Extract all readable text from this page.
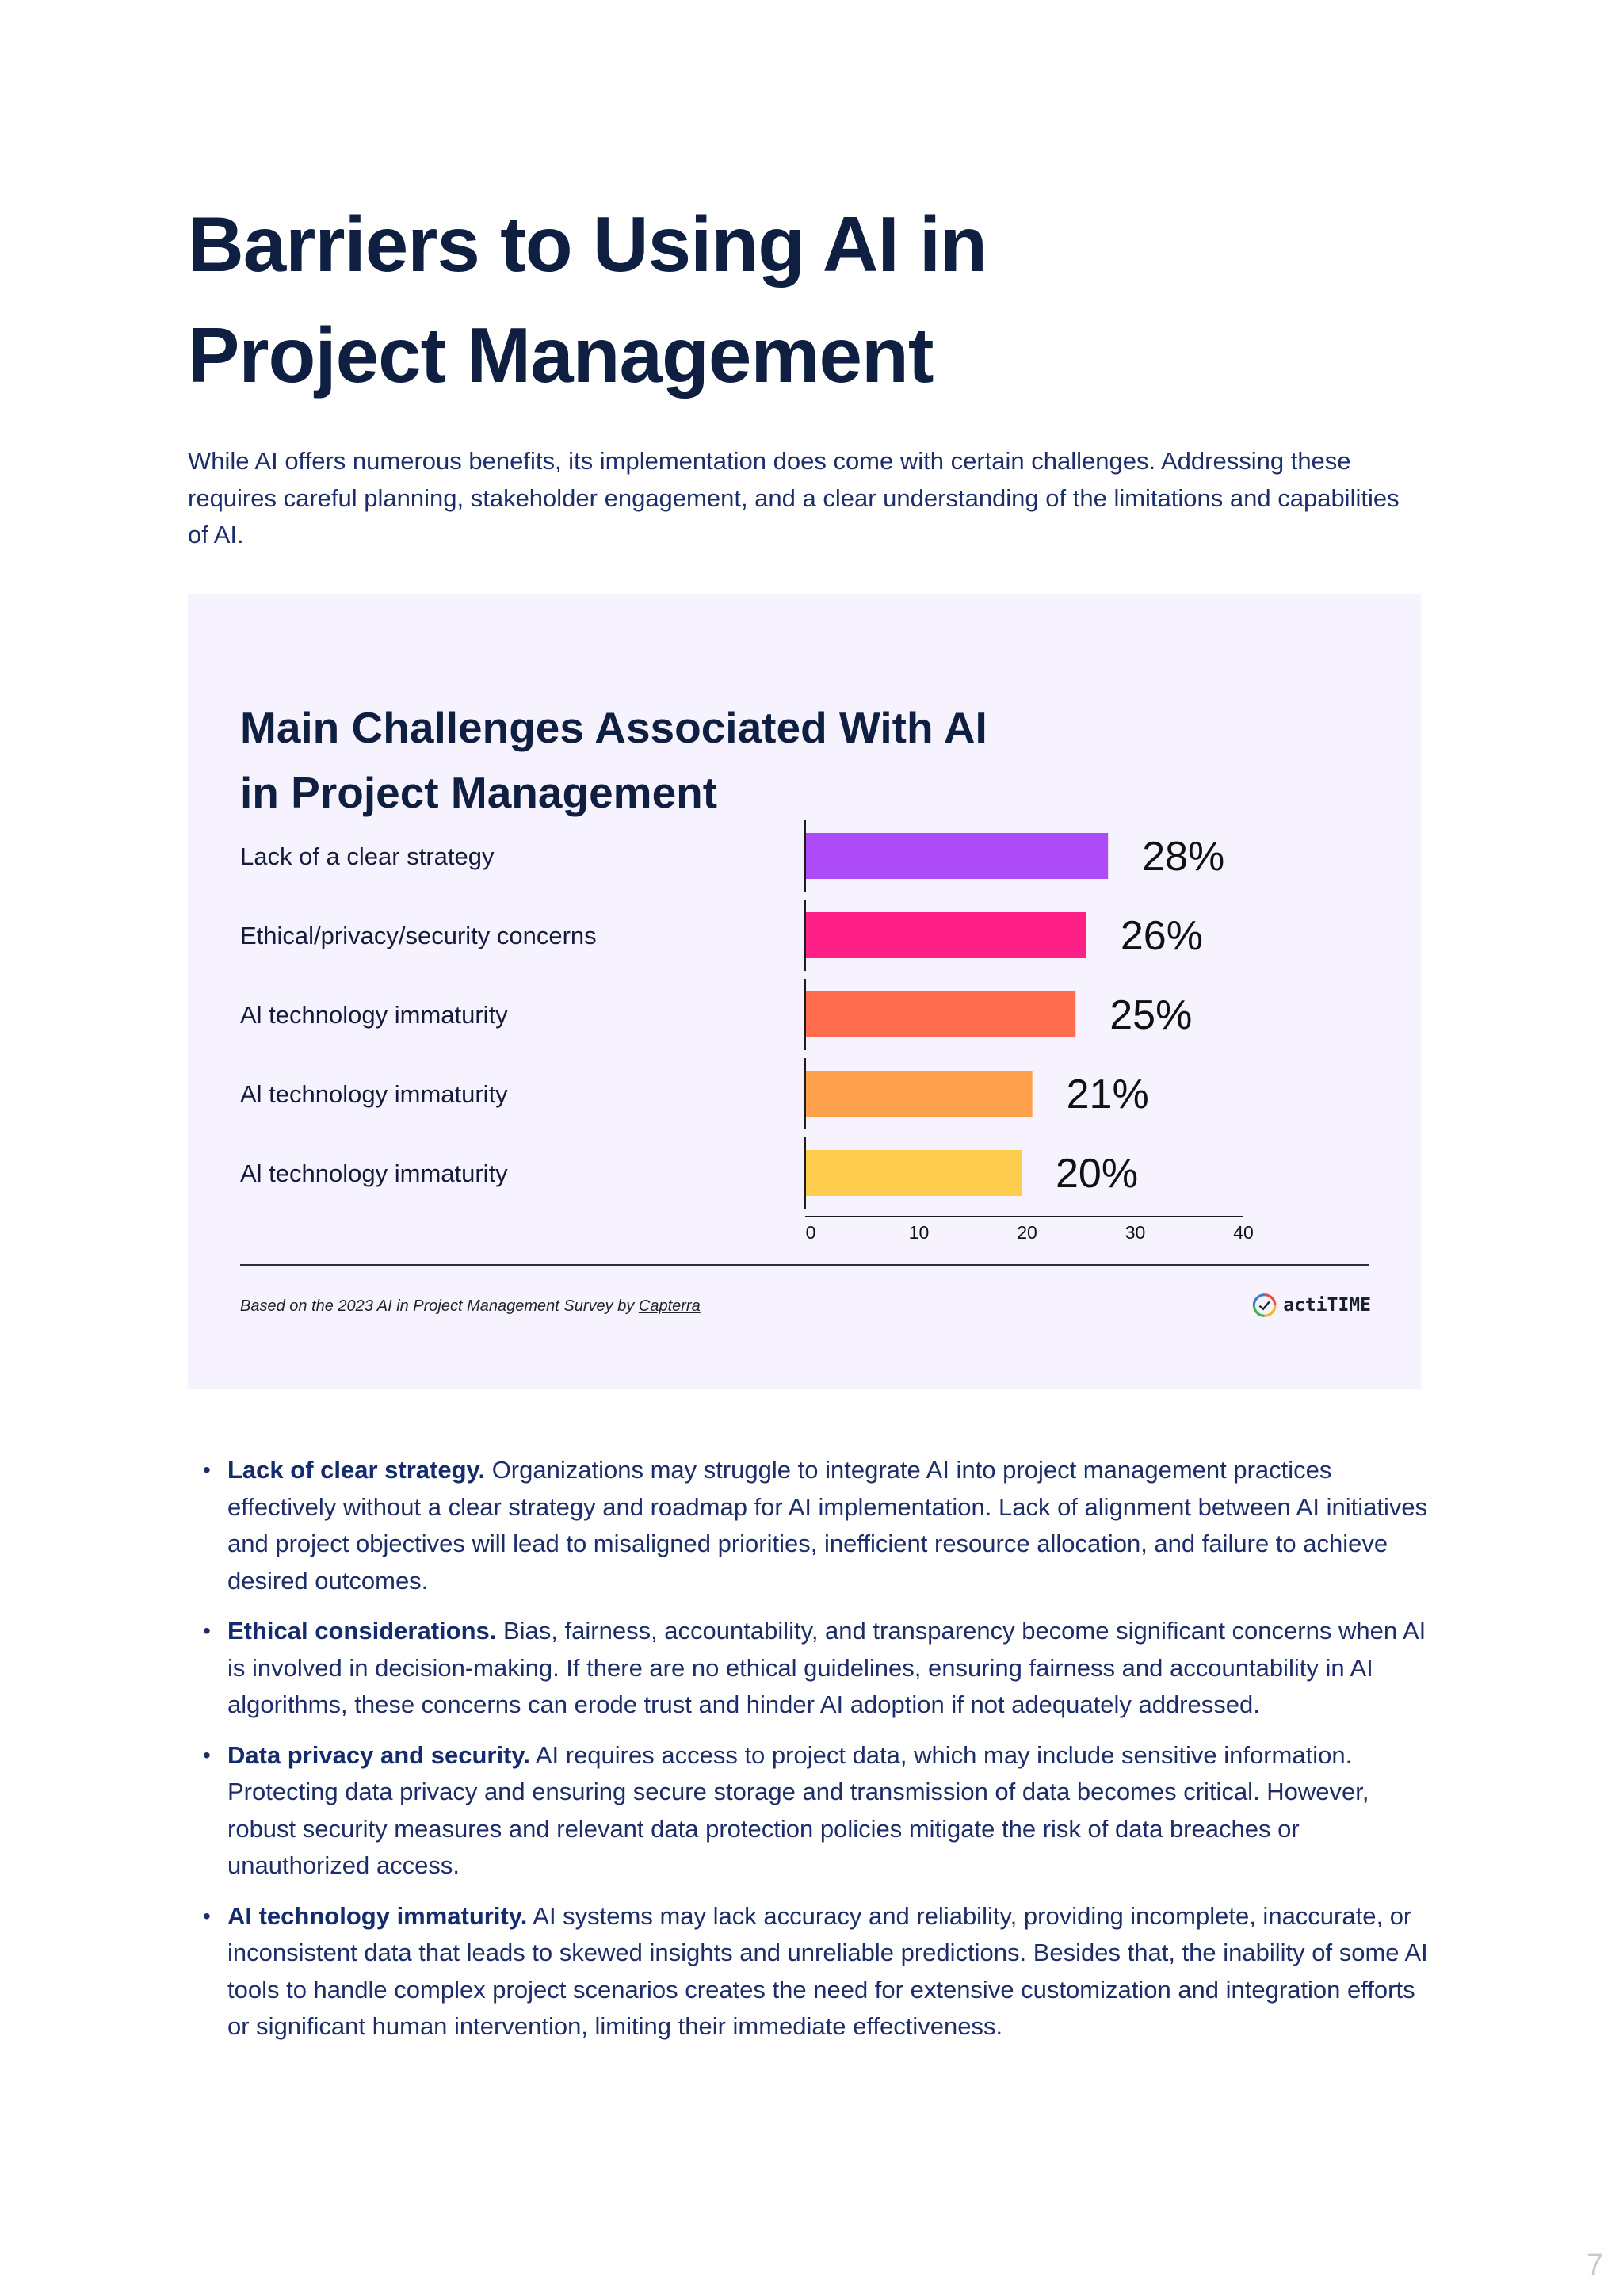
Barriers to Using AI in
Project Management

While AI offers numerous benefits, its implementation does come with certain challenges. Addressing these requires careful planning, stakeholder engagement, and a clear understanding of the limitations and capabilities of AI.

Main Challenges Associated With AI
in Project Management
Lack of a clear strategy	28%
Ethical/privacy/security concerns	26%
Al technology immaturity	25%
Al technology immaturity	21%
Al technology immaturity	20%
0	10	20	30	40
Based on the 2023 AI in Project Management Survey by Capterra	actiTIME
• Lack of clear strategy. Organizations may struggle to integrate AI into project management practices effectively without a clear strategy and roadmap for AI implementation. Lack of alignment between AI initiatives and project objectives will lead to misaligned priorities, inefficient resource allocation, and failure to achieve desired outcomes.
• Ethical considerations. Bias, fairness, accountability, and transparency become significant concerns when AI is involved in decision-making. If there are no ethical guidelines, ensuring fairness and accountability in AI algorithms, these concerns can erode trust and hinder AI adoption if not adequately addressed.
• Data privacy and security. AI requires access to project data, which may include sensitive information. Protecting data privacy and ensuring secure storage and transmission of data becomes critical. However, robust security measures and relevant data protection policies mitigate the risk of data breaches or unauthorized access.
• AI technology immaturity. AI systems may lack accuracy and reliability, providing incomplete, inaccurate, or inconsistent data that leads to skewed insights and unreliable predictions. Besides that, the inability of some AI tools to handle complex project scenarios creates the need for extensive customization and integration efforts or significant human intervention, limiting their immediate effectiveness.
7
